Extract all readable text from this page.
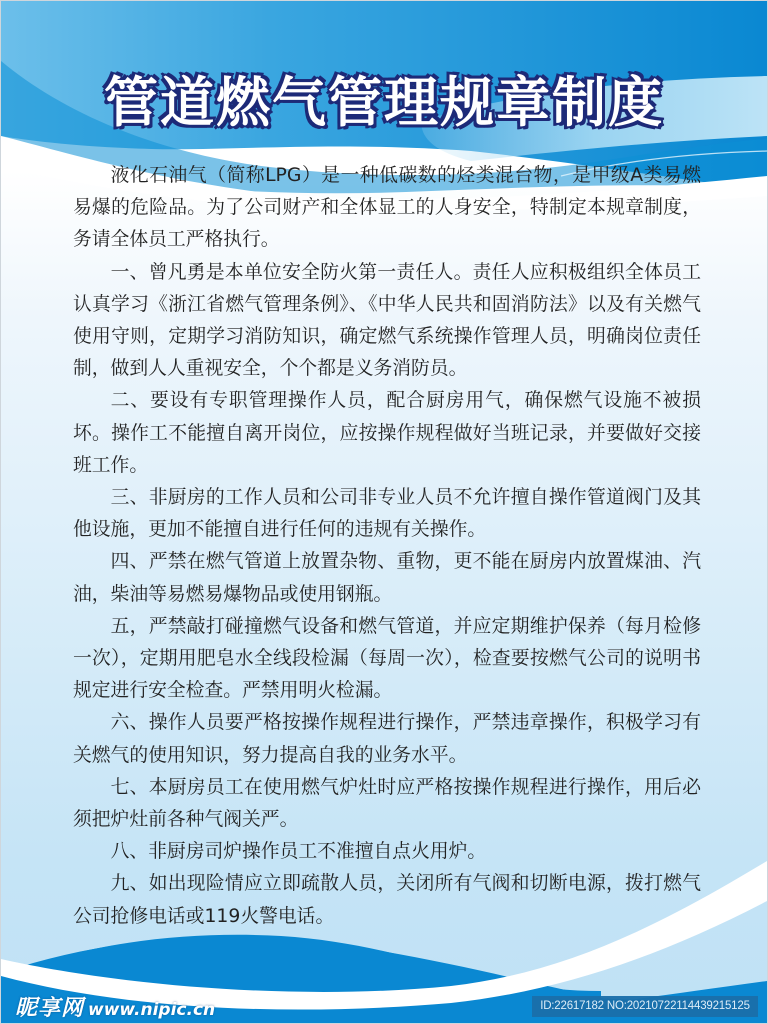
管道燃气管理规章制度

液化石油气（简称LPG）是一种低碳数的烃类混台物，是甲级A类易燃易爆的危险品。为了公司财产和全体显工的人身安全，特制定本规章制度，务请全体员工严格执行。

一、曾凡勇是本单位安全防火第一责任人。责任人应积极组织全体员工认真学习《浙江省燃气管理条例》、《中华人民共和固消防法》以及有关燃气使用守则，定期学习消防知识，确定燃气系统操作管理人员，明确岗位责任制，做到人人重视安全，个个都是义务消防员。

二、要设有专职管理操作人员，配合厨房用气，确保燃气设施不被损坏。操作工不能擅自离开岗位，应按操作规程做好当班记录，并要做好交接班工作。

三、非厨房的工作人员和公司非专业人员不允许擅自操作管道阀门及其他设施，更加不能擅自进行任何的违规有关操作。

四、严禁在燃气管道上放置杂物、重物，更不能在厨房内放置煤油、汽油，柴油等易燃易爆物品或使用钢瓶。

五，严禁敲打碰撞燃气设备和燃气管道，并应定期维护保养（每月检修一次），定期用肥皂水全线段检漏（每周一次），检查要按燃气公司的说明书规定进行安全检查。严禁用明火检漏。

六、操作人员要严格按操作规程进行操作，严禁违章操作，积极学习有关燃气的使用知识，努力提高自我的业务水平。

七、本厨房员工在使用燃气炉灶时应严格按操作规程进行操作，用后必须把炉灶前各种气阀关严。

八、非厨房司炉操作员工不准擅自点火用炉。

九、如出现险情应立即疏散人员，关闭所有气阀和切断电源，拨打燃气公司抢修电话或119火警电话。

昵享网 www.nipic.cn	ID:22617182 NO:20210722114439215125
